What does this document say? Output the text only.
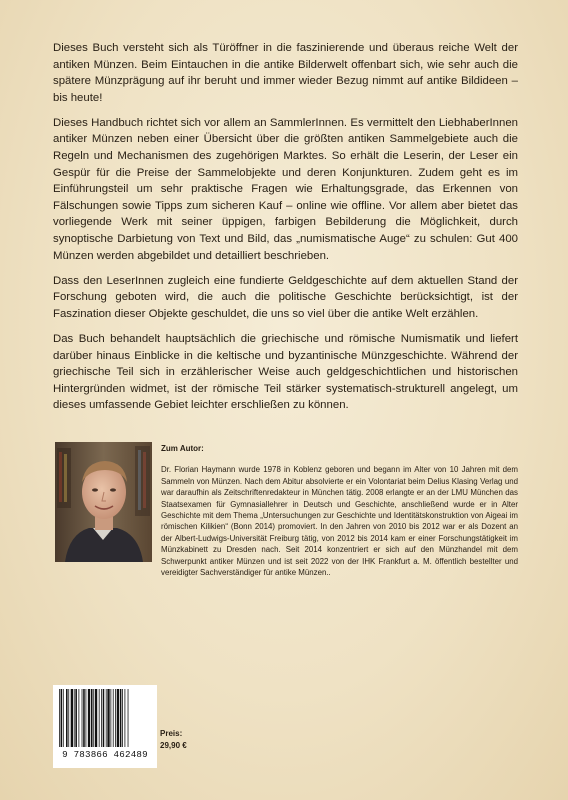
Dieses Buch versteht sich als Türöffner in die faszinierende und überaus reiche Welt der antiken Münzen. Beim Eintauchen in die antike Bilderwelt offenbart sich, wie sehr auch die spätere Münzprägung auf ihr beruht und immer wieder Bezug nimmt auf antike Bildideen – bis heute!

Dieses Handbuch richtet sich vor allem an SammlerInnen. Es vermittelt den LiebhaberInnen antiker Münzen neben einer Übersicht über die größten antiken Sammelgebiete auch die Regeln und Mechanismen des zugehörigen Marktes. So erhält die Leserin, der Leser ein Gespür für die Preise der Sammelobjekte und deren Konjunkturen. Zudem geht es im Einführungsteil um sehr praktische Fragen wie Erhaltungsgrade, das Erkennen von Fälschungen sowie Tipps zum sicheren Kauf – online wie offline. Vor allem aber bietet das vorliegende Werk mit seiner üppigen, farbigen Bebilderung die Möglichkeit, durch synoptische Darbietung von Text und Bild, das „numismatische Auge“ zu schulen: Gut 400 Münzen werden abgebildet und detailliert beschrieben.

Dass den LeserInnen zugleich eine fundierte Geldgeschichte auf dem aktuellen Stand der Forschung geboten wird, die auch die politische Geschichte berücksichtigt, ist der Faszination dieser Objekte geschuldet, die uns so viel über die antike Welt erzählen.

Das Buch behandelt hauptsächlich die griechische und römische Numismatik und liefert darüber hinaus Einblicke in die keltische und byzantinische Münzgeschichte. Während der griechische Teil sich in erzählerischer Weise auch geldgeschichtlichen und historischen Hintergründen widmet, ist der römische Teil stärker systematisch-strukturell angelegt, um dieses umfassende Gebiet leichter erschließen zu können.

Zum Autor:

Dr. Florian Haymann wurde 1978 in Koblenz geboren und begann im Alter von 10 Jahren mit dem Sammeln von Münzen. Nach dem Abitur absolvierte er ein Volontariat beim Delius Klasing Verlag und war daraufhin als Zeitschriftenredakteur in München tätig. 2008 erlangte er an der LMU München das Staatsexamen für Gymnasiallehrer in Deutsch und Geschichte, anschließend wurde er in Alter Geschichte mit dem Thema „Untersuchungen zur Geschichte und Identitätskonstruktion von Aigeai im römischen Kilikien“ (Bonn 2014) promoviert. In den Jahren von 2010 bis 2012 war er als Dozent an der Albert-Ludwigs-Universität Freiburg tätig, von 2012 bis 2014 kam er einer Forschungstätigkeit im Münzkabinett zu Dresden nach. Seit 2014 konzentriert er sich auf den Münzhandel mit dem Schwerpunkt antiker Münzen und ist seit 2022 von der IHK Frankfurt a. M. öffentlich bestellter und vereidigter Sachverständiger für antike Münzen..

9 783866 462489
Preis:
29,90 €
